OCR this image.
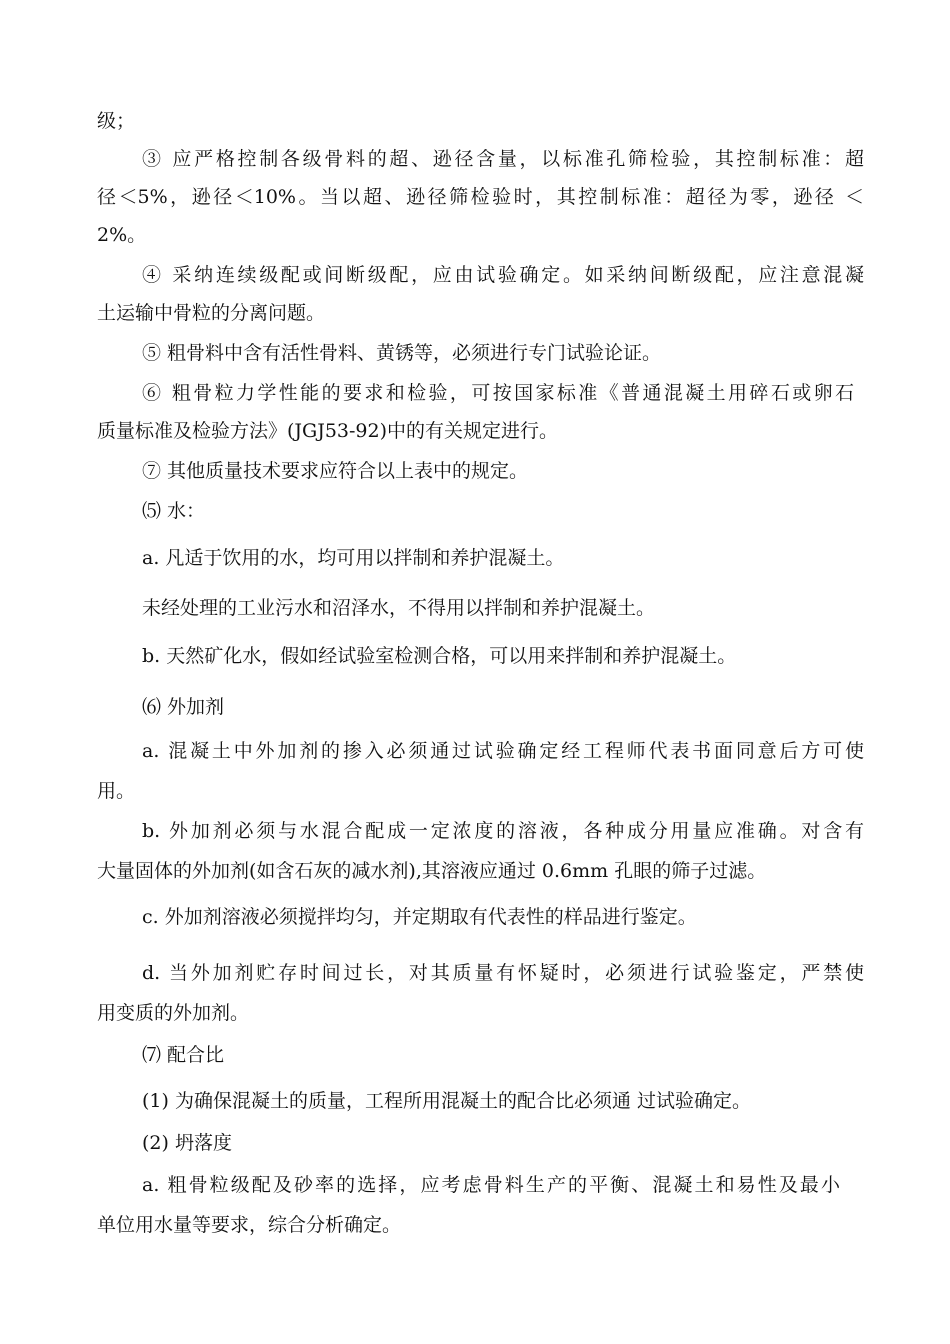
级；
③ 应严格控制各级骨料的超、逊径含量，以标准孔筛检验，其控制标准：超
径＜5%，逊径＜10%。当以超、逊径筛检验时，其控制标准：超径为零，逊径 ＜
2%。
④ 采纳连续级配或间断级配，应由试验确定。如采纳间断级配，应注意混凝
土运输中骨粒的分离问题。
⑤ 粗骨料中含有活性骨料、黄锈等，必须进行专门试验论证。
⑥ 粗骨粒力学性能的要求和检验，可按国家标准《普通混凝土用碎石或卵石
质量标准及检验方法》(JGJ53-92)中的有关规定进行。
⑦ 其他质量技术要求应符合以上表中的规定。
⑸ 水：
a. 凡适于饮用的水，均可用以拌制和养护混凝土。
未经处理的工业污水和沼泽水，不得用以拌制和养护混凝土。
b. 天然矿化水，假如经试验室检测合格，可以用来拌制和养护混凝土。
⑹ 外加剂
a. 混凝土中外加剂的掺入必须通过试验确定经工程师代表书面同意后方可使
用。
b. 外加剂必须与水混合配成一定浓度的溶液，各种成分用量应准确。对含有
大量固体的外加剂(如含石灰的减水剂),其溶液应通过 0.6mm 孔眼的筛子过滤。
c. 外加剂溶液必须搅拌均匀，并定期取有代表性的样品进行鉴定。
d. 当外加剂贮存时间过长，对其质量有怀疑时，必须进行试验鉴定，严禁使
用变质的外加剂。
⑺ 配合比
(1) 为确保混凝土的质量，工程所用混凝土的配合比必须通 过试验确定。
(2) 坍落度
a. 粗骨粒级配及砂率的选择，应考虑骨料生产的平衡、混凝土和易性及最小
单位用水量等要求，综合分析确定。
